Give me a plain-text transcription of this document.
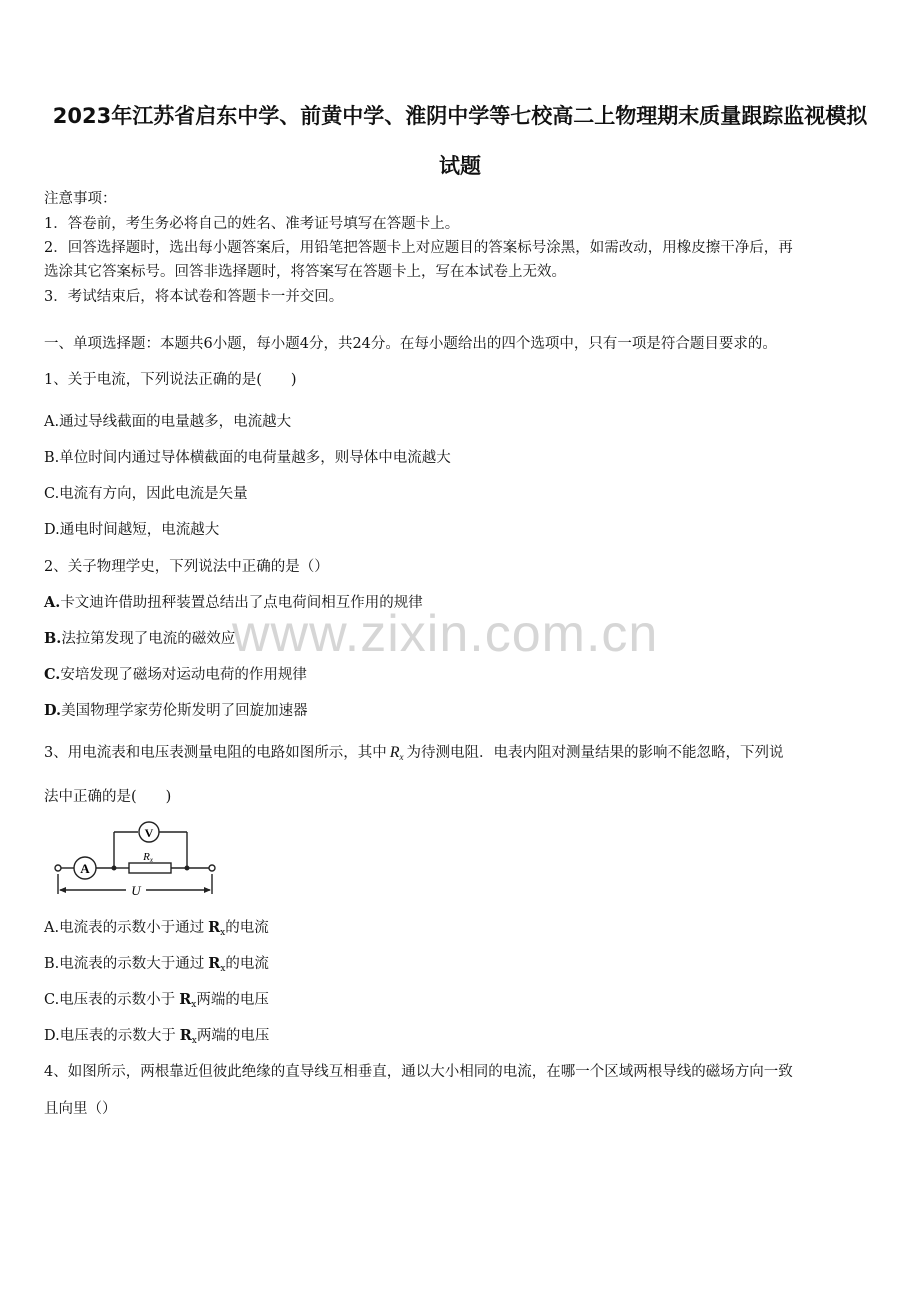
2023年江苏省启东中学、前黄中学、淮阴中学等七校高二上物理期末质量跟踪监视模拟
试题
注意事项：
1．答卷前，考生务必将自己的姓名、准考证号填写在答题卡上。
2．回答选择题时，选出每小题答案后，用铅笔把答题卡上对应题目的答案标号涂黑，如需改动，用橡皮擦干净后，再
选涂其它答案标号。回答非选择题时，将答案写在答题卡上，写在本试卷上无效。
3．考试结束后，将本试卷和答题卡一并交回。
一、单项选择题：本题共6小题，每小题4分，共24分。在每小题给出的四个选项中，只有一项是符合题目要求的。
1、关于电流，下列说法正确的是(　　)
A.通过导线截面的电量越多，电流越大
B.单位时间内通过导体横截面的电荷量越多，则导体中电流越大
C.电流有方向，因此电流是矢量
D.通电时间越短，电流越大
www.zixin.com.cn
2、关子物理学史，下列说法中正确的是（）
A.卡文迪许借助扭秤装置总结出了点电荷间相互作用的规律
B.法拉第发现了电流的磁效应
C.安培发现了磁场对运动电荷的作用规律
D.美国物理学家劳伦斯发明了回旋加速器
3、用电流表和电压表测量电阻的电路如图所示，其中 $R_x$ 为待测电阻．电表内阻对测量结果的影响不能忽略，下列说
法中正确的是(　　)
A
V
Rx
U
A.电流表的示数小于通过 $R_x$的电流
B.电流表的示数大于通过 $R_x$的电流
C.电压表的示数小于 $R_x$两端的电压
D.电压表的示数大于 $R_x$两端的电压
4、如图所示，两根靠近但彼此绝缘的直导线互相垂直，通以大小相同的电流，在哪一个区域两根导线的磁场方向一致
且向里（）
